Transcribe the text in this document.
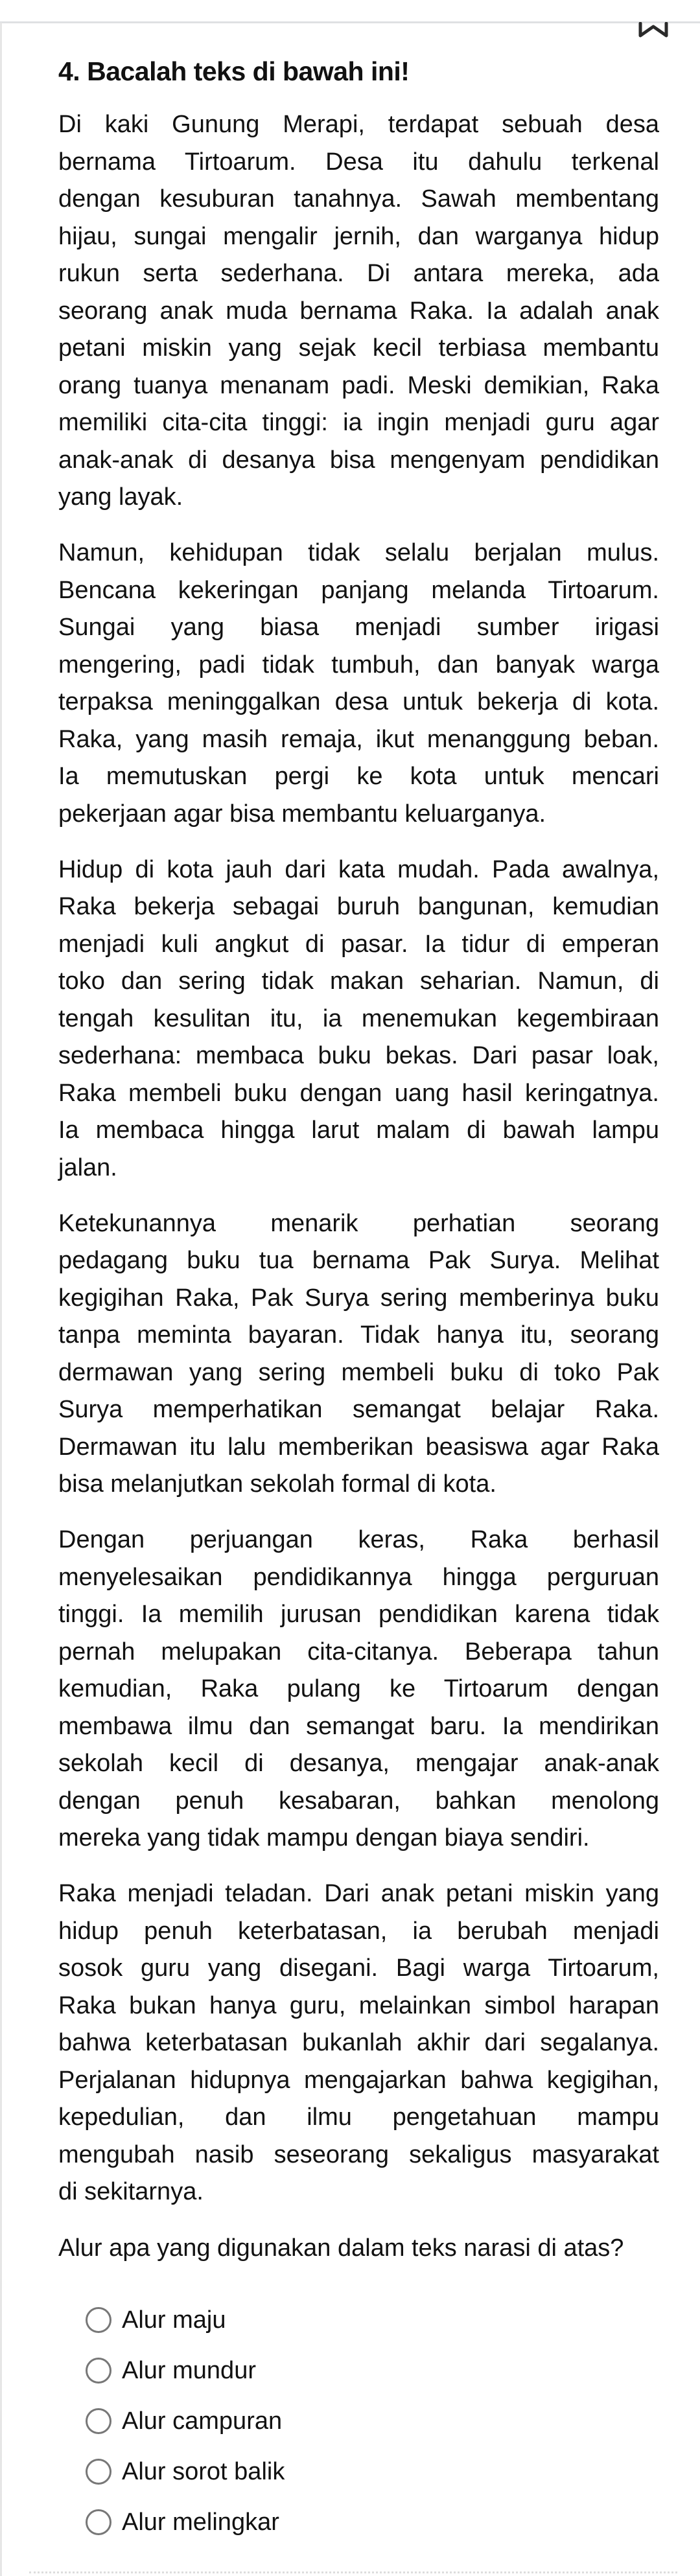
4. Bacalah teks di bawah ini!
Di kaki Gunung Merapi, terdapat sebuah desa
bernama Tirtoarum. Desa itu dahulu terkenal
dengan kesuburan tanahnya. Sawah membentang
hijau, sungai mengalir jernih, dan warganya hidup
rukun serta sederhana. Di antara mereka, ada
seorang anak muda bernama Raka. Ia adalah anak
petani miskin yang sejak kecil terbiasa membantu
orang tuanya menanam padi. Meski demikian, Raka
memiliki cita-cita tinggi: ia ingin menjadi guru agar
anak-anak di desanya bisa mengenyam pendidikan
yang layak.
Namun, kehidupan tidak selalu berjalan mulus.
Bencana kekeringan panjang melanda Tirtoarum.
Sungai yang biasa menjadi sumber irigasi
mengering, padi tidak tumbuh, dan banyak warga
terpaksa meninggalkan desa untuk bekerja di kota.
Raka, yang masih remaja, ikut menanggung beban.
Ia memutuskan pergi ke kota untuk mencari
pekerjaan agar bisa membantu keluarganya.
Hidup di kota jauh dari kata mudah. Pada awalnya,
Raka bekerja sebagai buruh bangunan, kemudian
menjadi kuli angkut di pasar. Ia tidur di emperan
toko dan sering tidak makan seharian. Namun, di
tengah kesulitan itu, ia menemukan kegembiraan
sederhana: membaca buku bekas. Dari pasar loak,
Raka membeli buku dengan uang hasil keringatnya.
Ia membaca hingga larut malam di bawah lampu
jalan.
Ketekunannya menarik perhatian seorang
pedagang buku tua bernama Pak Surya. Melihat
kegigihan Raka, Pak Surya sering memberinya buku
tanpa meminta bayaran. Tidak hanya itu, seorang
dermawan yang sering membeli buku di toko Pak
Surya memperhatikan semangat belajar Raka.
Dermawan itu lalu memberikan beasiswa agar Raka
bisa melanjutkan sekolah formal di kota.
Dengan perjuangan keras, Raka berhasil
menyelesaikan pendidikannya hingga perguruan
tinggi. Ia memilih jurusan pendidikan karena tidak
pernah melupakan cita-citanya. Beberapa tahun
kemudian, Raka pulang ke Tirtoarum dengan
membawa ilmu dan semangat baru. Ia mendirikan
sekolah kecil di desanya, mengajar anak-anak
dengan penuh kesabaran, bahkan menolong
mereka yang tidak mampu dengan biaya sendiri.
Raka menjadi teladan. Dari anak petani miskin yang
hidup penuh keterbatasan, ia berubah menjadi
sosok guru yang disegani. Bagi warga Tirtoarum,
Raka bukan hanya guru, melainkan simbol harapan
bahwa keterbatasan bukanlah akhir dari segalanya.
Perjalanan hidupnya mengajarkan bahwa kegigihan,
kepedulian, dan ilmu pengetahuan mampu
mengubah nasib seseorang sekaligus masyarakat
di sekitarnya.
Alur apa yang digunakan dalam teks narasi di atas?
Alur maju
Alur mundur
Alur campuran
Alur sorot balik
Alur melingkar
